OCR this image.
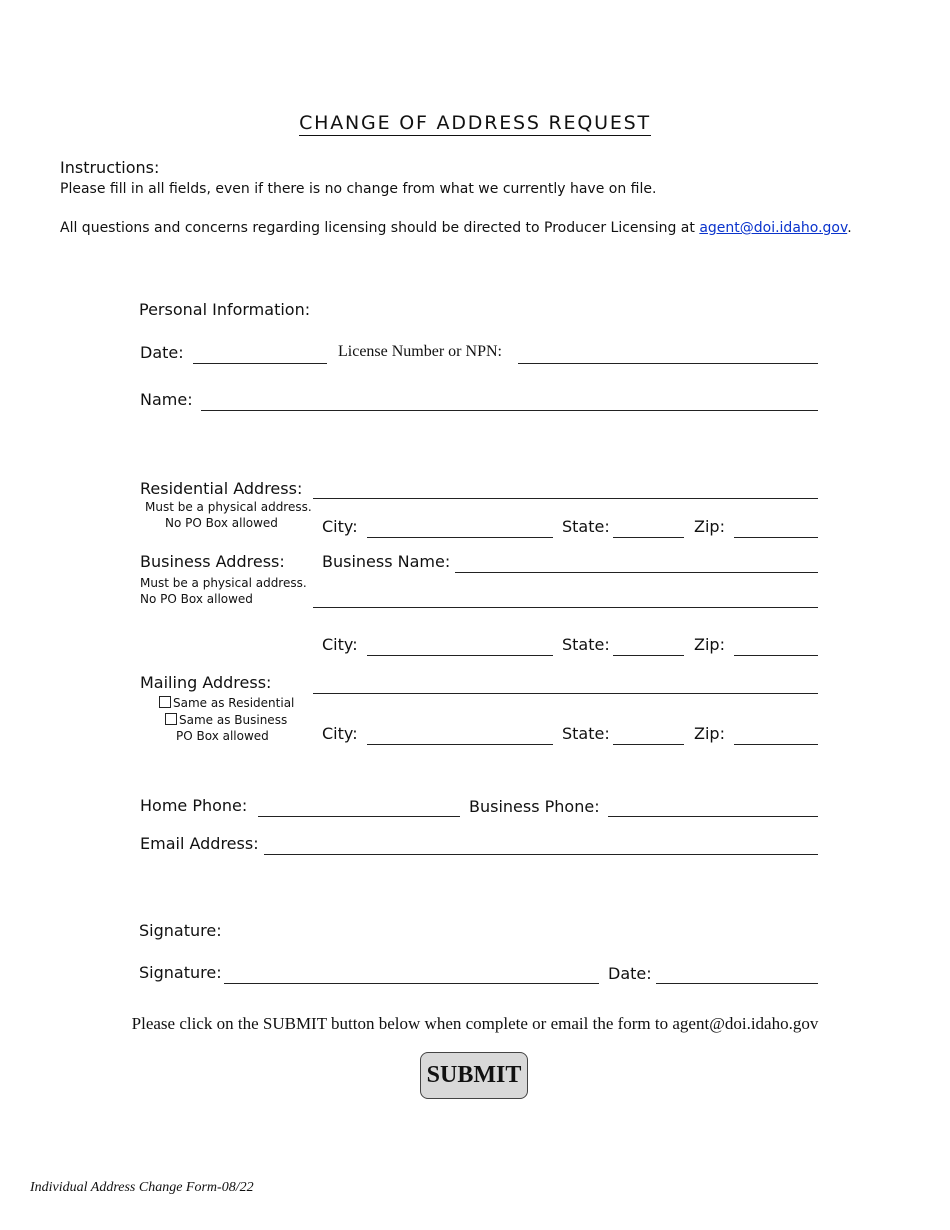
CHANGE OF ADDRESS REQUEST
Instructions:
Please fill in all fields, even if there is no change from what we currently have on file.
All questions and concerns regarding licensing should be directed to Producer Licensing at agent@doi.idaho.gov.
Personal Information:
Date:	License Number or NPN:
Name:
Residential Address:
Must be a physical address.
No PO Box allowed	City:	State:	Zip:
Business Address:
Must be a physical address.
No PO Box allowed
Business Name:
City:	State:	Zip:
Mailing Address:
Same as Residential
Same as Business
PO Box allowed	City:	State:	Zip:
Home Phone:	Business Phone:
Email Address:
Signature:
Signature:	Date:
Please click on the SUBMIT button below when complete or email the form to agent@doi.idaho.gov
SUBMIT
Individual Address Change Form-08/22
